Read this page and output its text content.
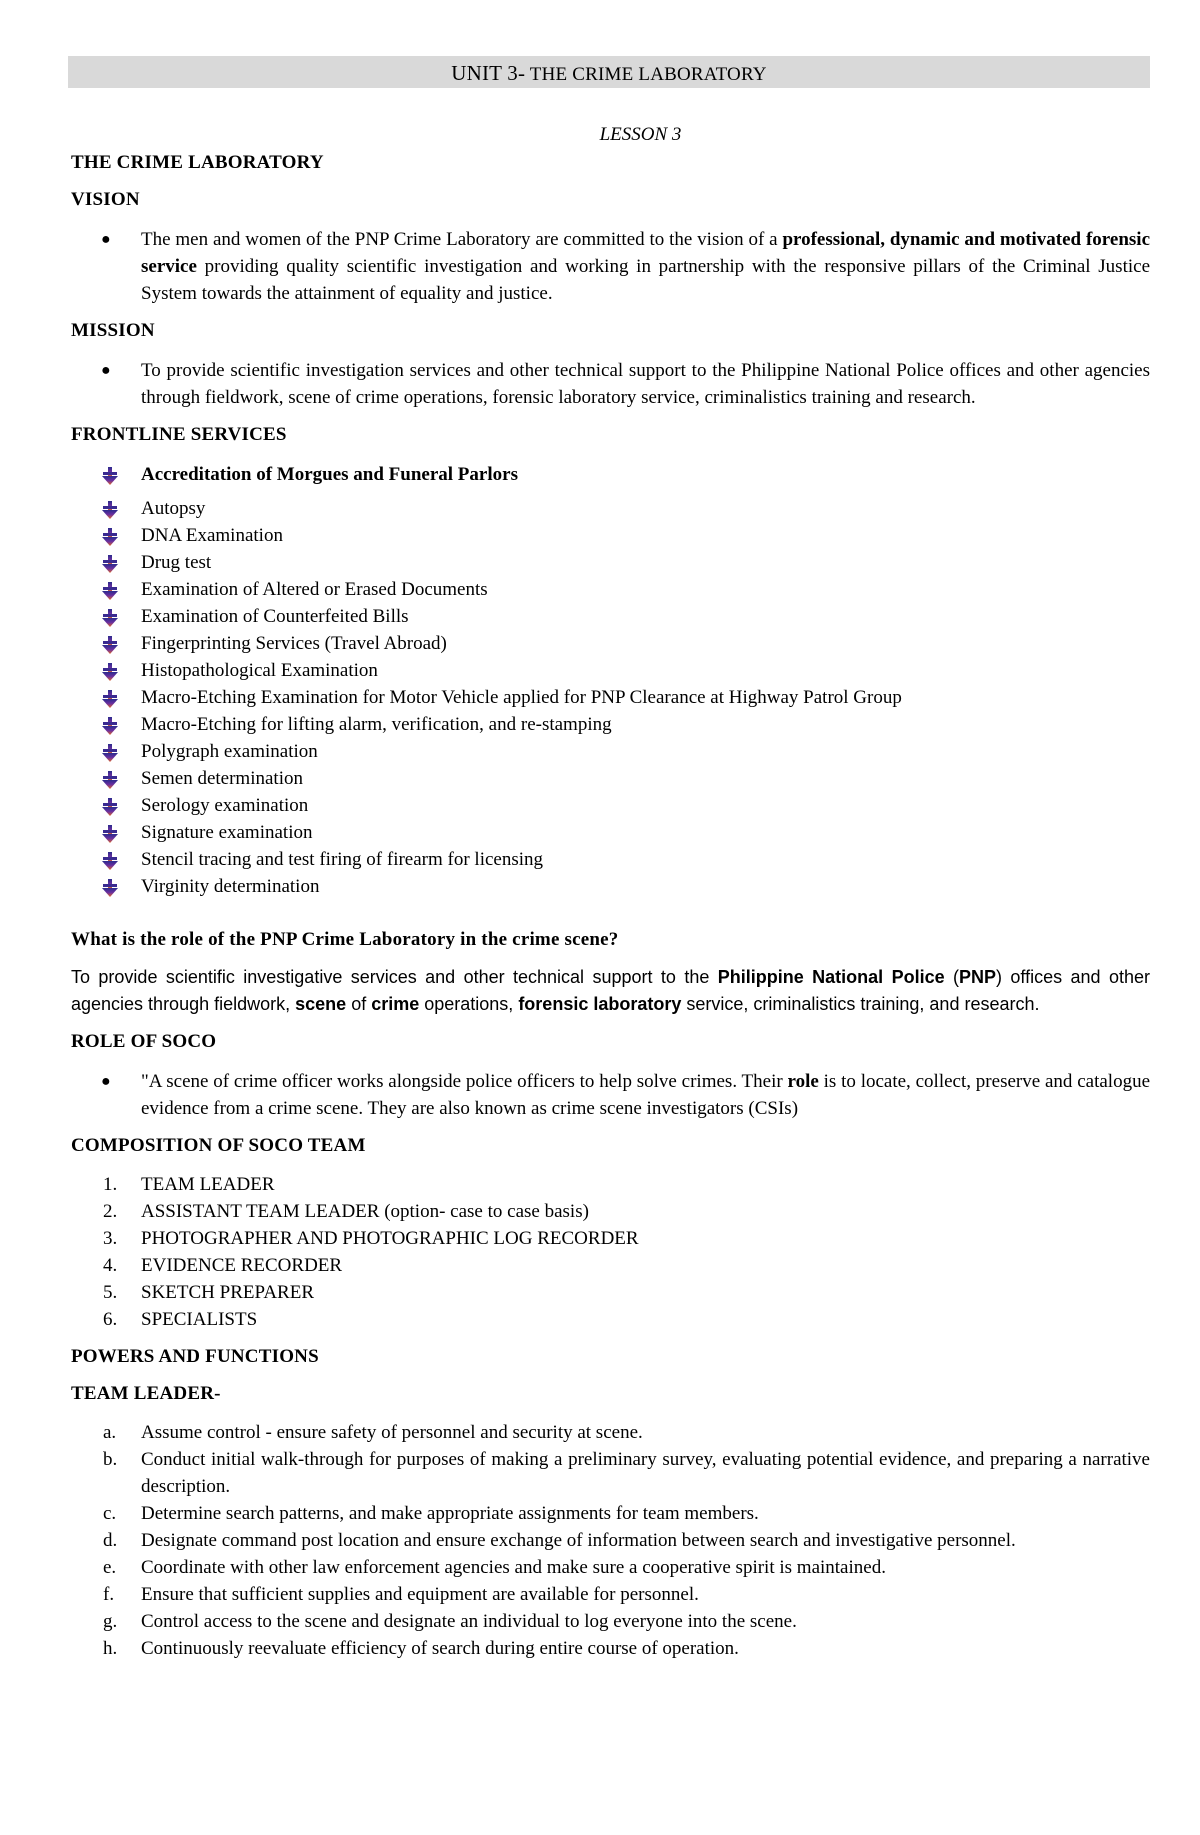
UNIT 3- THE CRIME LABORATORY
LESSON 3
THE CRIME LABORATORY
VISION
● The men and women of the PNP Crime Laboratory are committed to the vision of a professional, dynamic and motivated forensic service providing quality scientific investigation and working in partnership with the responsive pillars of the Criminal Justice System towards the attainment of equality and justice.
MISSION
● To provide scientific investigation services and other technical support to the Philippine National Police offices and other agencies through fieldwork, scene of crime operations, forensic laboratory service, criminalistics training and research.
FRONTLINE SERVICES
Accreditation of Morgues and Funeral Parlors
Autopsy
DNA Examination
Drug test
Examination of Altered or Erased Documents
Examination of Counterfeited Bills
Fingerprinting Services (Travel Abroad)
Histopathological Examination
Macro-Etching Examination for Motor Vehicle applied for PNP Clearance at Highway Patrol Group
Macro-Etching for lifting alarm, verification, and re-stamping
Polygraph examination
Semen determination
Serology examination
Signature examination
Stencil tracing and test firing of firearm for licensing
Virginity determination
What is the role of the PNP Crime Laboratory in the crime scene?

To provide scientific investigative services and other technical support to the Philippine National Police (PNP) offices and other agencies through fieldwork, scene of crime operations, forensic laboratory service, criminalistics training, and research.

ROLE OF SOCO
● "A scene of crime officer works alongside police officers to help solve crimes. Their role is to locate, collect, preserve and catalogue evidence from a crime scene. They are also known as crime scene investigators (CSIs)
COMPOSITION OF SOCO TEAM
1. TEAM LEADER
2. ASSISTANT TEAM LEADER (option- case to case basis)
3. PHOTOGRAPHER AND PHOTOGRAPHIC LOG RECORDER
4. EVIDENCE RECORDER
5. SKETCH PREPARER
6. SPECIALISTS
POWERS AND FUNCTIONS
TEAM LEADER-
a. Assume control - ensure safety of personnel and security at scene.
b. Conduct initial walk-through for purposes of making a preliminary survey, evaluating potential evidence, and preparing a narrative description.
c. Determine search patterns, and make appropriate assignments for team members.
d. Designate command post location and ensure exchange of information between search and investigative personnel.
e. Coordinate with other law enforcement agencies and make sure a cooperative spirit is maintained.
f. Ensure that sufficient supplies and equipment are available for personnel.
g. Control access to the scene and designate an individual to log everyone into the scene.
h. Continuously reevaluate efficiency of search during entire course of operation.
